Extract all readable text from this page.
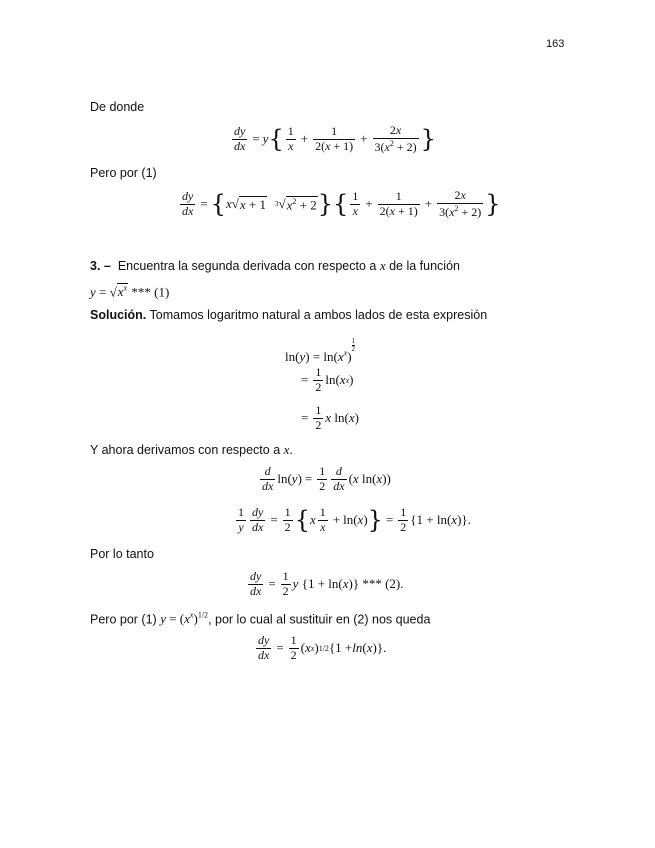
163
De donde
$\frac{dy}{dx} = y$ { $\frac{1}{x} + \frac{1}{2(x + 1)} + \frac{2x}{3(x^2 + 2)}$ }
Pero por (1)
$\frac{dy}{dx}$ = { x √ x + 1 3 √ $x^2 + 2$ } { $\frac{1}{x} + \frac{1}{2(x + 1)} + \frac{2x}{3(x^2 + 2)}$ }
3. – Encuentra la segunda derivada con respecto a x de la función
$y = √x^x$ *** (1)
Solución. Tomamos logaritmo natural a ambos lados de esta expresión
$\ln(y) = \ln(x^x)$
$\frac{1}{2}$
= $\frac{1}{2} \ln$( x x )
= $\frac{1}{2}$ x
ln( x )
Y ahora derivamos con respecto a x.
$\frac{d}{dx} \ln$( y ) = $\frac{1}{2} \frac{d}{dx}$ ( x ln( x ))
$\frac{1}{y} \frac{dy}{dx} = \frac{1}{2}$ { x $\frac{1}{x} + \ln$( x ) } = $\frac{1}{2} \{1 + \ln$( x )}.
Por lo tanto
$\frac{dy}{dx} = \frac{1}{2}$ y
{1 + ln( x )} *** (2).
Pero por (1) $y = (x^x)^{1/2}$, por lo cual al sustituir en (2) nos queda
$\frac{dy}{dx} = \frac{1}{2}$ ( x x ) 1/2 {1 + ln ( x )}.
